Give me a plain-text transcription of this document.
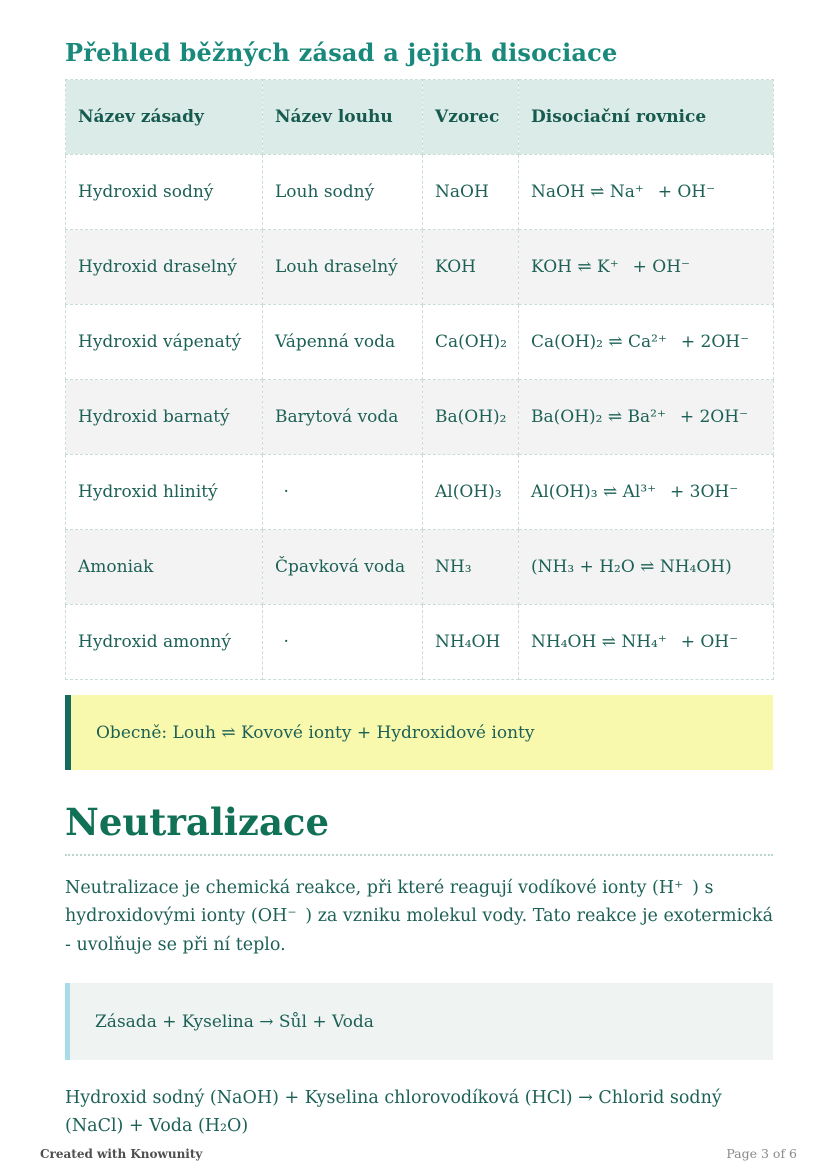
Přehled běžných zásad a jejich disociace
Název zásady	Název louhu	Vzorec	Disociační rovnice
Hydroxid sodný	Louh sodný	NaOH	NaOH ⇌ Na⁺  + OH⁻
Hydroxid draselný	Louh draselný	KOH	KOH ⇌ K⁺  + OH⁻
Hydroxid vápenatý	Vápenná voda	Ca(OH)₂	Ca(OH)₂ ⇌ Ca²⁺  + 2OH⁻
Hydroxid barnatý	Barytová voda	Ba(OH)₂	Ba(OH)₂ ⇌ Ba²⁺  + 2OH⁻
Hydroxid hlinitý	 ·	Al(OH)₃	Al(OH)₃ ⇌ Al³⁺  + 3OH⁻
Amoniak	Čpavková voda	NH₃	(NH₃ + H₂O ⇌ NH₄OH)
Hydroxid amonný	 ·	NH₄OH	NH₄OH ⇌ NH₄⁺  + OH⁻
Obecně: Louh ⇌ Kovové ionty + Hydroxidové ionty
Neutralizace

Neutralizace je chemická reakce, při které reagují vodíkové ionty (H⁺ ) s hydroxidovými ionty (OH⁻ ) za vzniku molekul vody. Tato reakce je exotermická - uvolňuje se při ní teplo.

Zásada + Kyselina → Sůl + Voda

Hydroxid sodný (NaOH) + Kyselina chlorovodíková (HCl) → Chlorid sodný (NaCl) + Voda (H₂O)

Created with Knowunity	Page 3 of 6
